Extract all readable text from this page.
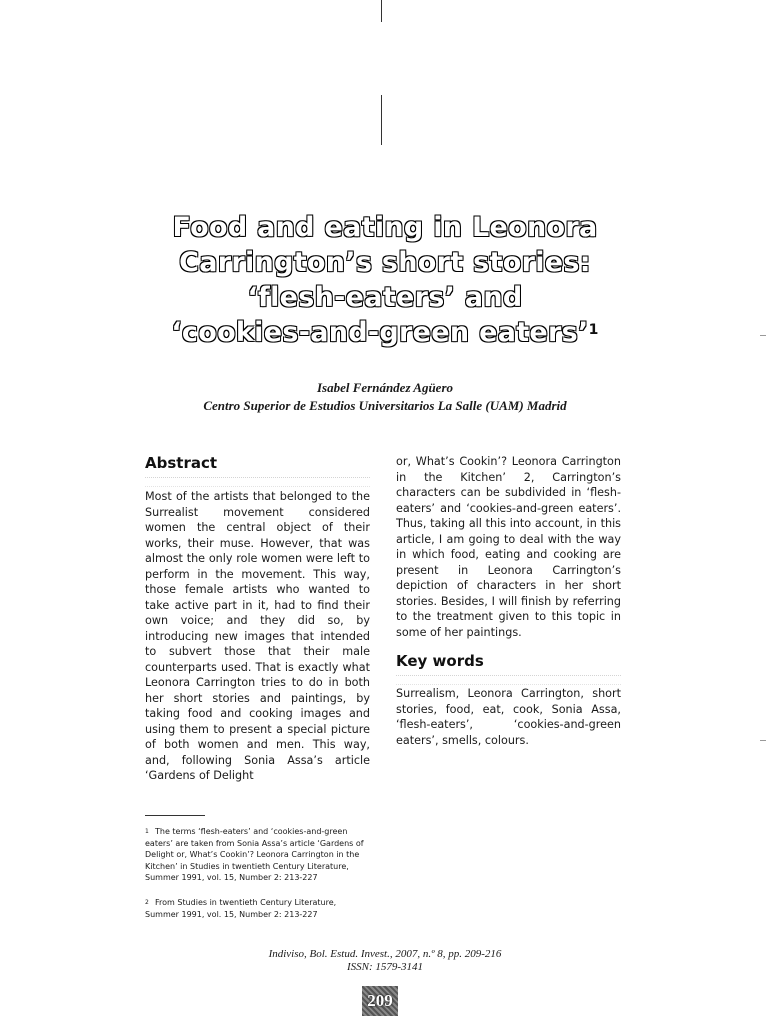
Food and eating in Leonora
Carrington’s short stories:
‘flesh-eaters’ and
‘cookies-and-green eaters’$^1$
Isabel Fernández Agüero
Centro Superior de Estudios Universitarios La Salle (UAM) Madrid
Abstract
Most of the artists that belonged to the Surrealist movement considered women the central object of their works, their muse. However, that was almost the only role women were left to perform in the movement. This way, those female artists who wanted to take active part in it, had to find their own voice; and they did so, by introducing new images that intended to subvert those that their male counterparts used. That is exactly what Leonora Carrington tries to do in both her short stories and paintings, by taking food and cooking images and using them to present a special picture of both women and men. This way, and, following Sonia Assa’s article ‘Gardens of Delight
or, What’s Cookin’? Leonora Carrington in the Kitchen’ 2, Carrington’s characters can be subdivided in ‘flesh-eaters’ and ‘cookies-and-green eaters’. Thus, taking all this into account, in this article, I am going to deal with the way in which food, eating and cooking are present in Leonora Carrington’s depiction of characters in her short stories. Besides, I will finish by referring to the treatment given to this topic in some of her paintings.
Key words
Surrealism, Leonora Carrington, short stories, food, eat, cook, Sonia Assa, ‘flesh-eaters’, ‘cookies-and-green eaters’, smells, colours.
1 The terms ‘flesh-eaters’ and ‘cookies-and-green eaters’ are taken from Sonia Assa’s article ‘Gardens of Delight or, What’s Cookin’? Leonora Carrington in the Kitchen’ in Studies in twentieth Century Literature, Summer 1991, vol. 15, Number 2: 213-227
2 From Studies in twentieth Century Literature, Summer 1991, vol. 15, Number 2: 213-227
Indiviso, Bol. Estud. Invest., 2007, n.º 8, pp. 209-216
ISSN: 1579-3141
209
